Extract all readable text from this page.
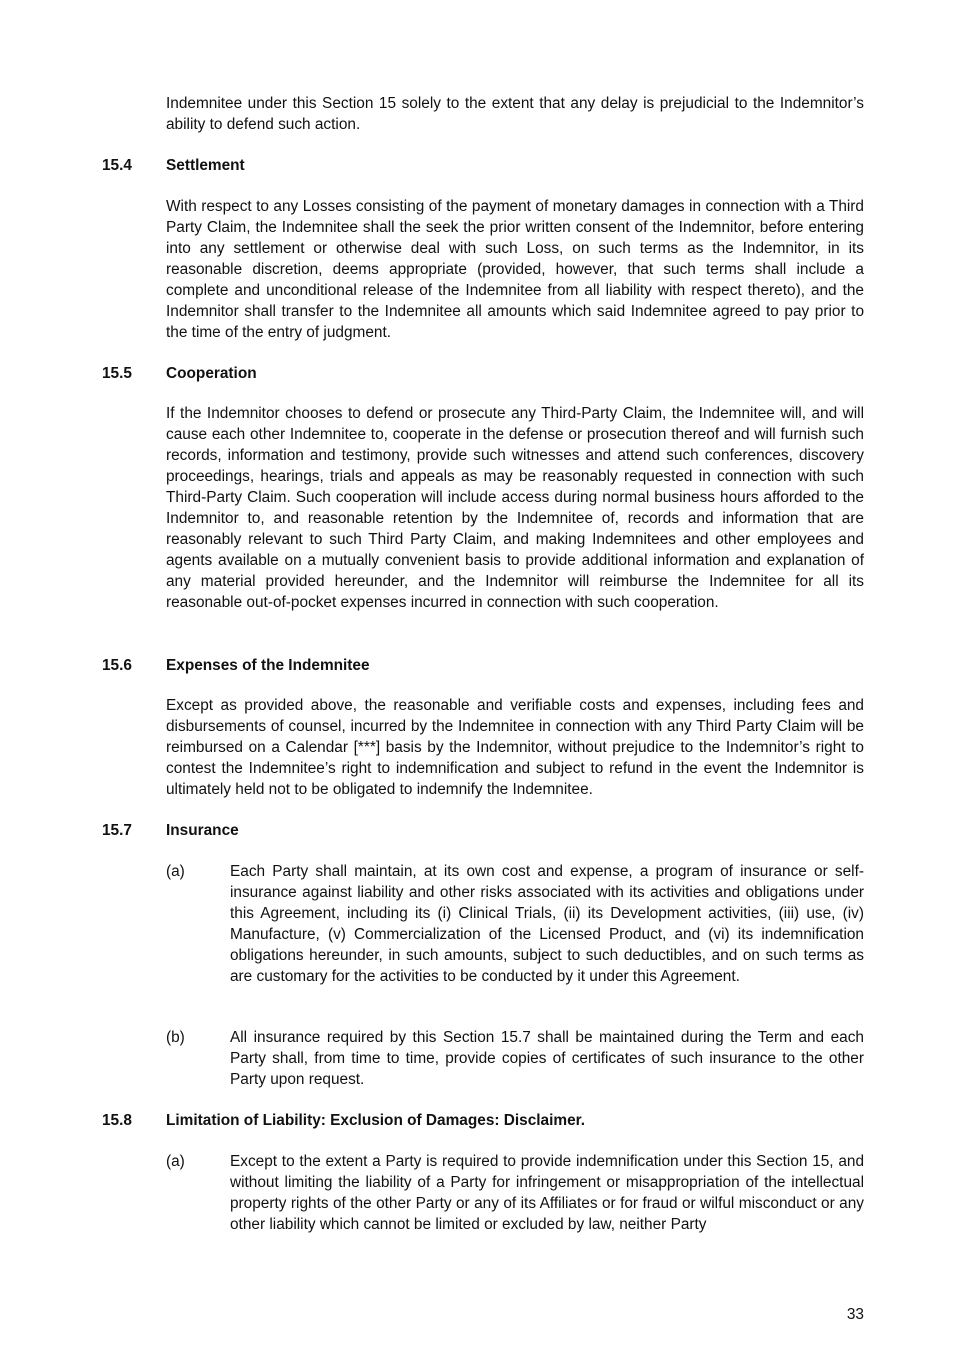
Indemnitee under this Section 15 solely to the extent that any delay is prejudicial to the Indemnitor’s ability to defend such action.

15.4 Settlement

With respect to any Losses consisting of the payment of monetary damages in connection with a Third Party Claim, the Indemnitee shall the seek the prior written consent of the Indemnitor, before entering into any settlement or otherwise deal with such Loss, on such terms as the Indemnitor, in its reasonable discretion, deems appropriate (provided, however, that such terms shall include a complete and unconditional release of the Indemnitee from all liability with respect thereto), and the Indemnitor shall transfer to the Indemnitee all amounts which said Indemnitee agreed to pay prior to the time of the entry of judgment.

15.5 Cooperation

If the Indemnitor chooses to defend or prosecute any Third-Party Claim, the Indemnitee will, and will cause each other Indemnitee to, cooperate in the defense or prosecution thereof and will furnish such records, information and testimony, provide such witnesses and attend such conferences, discovery proceedings, hearings, trials and appeals as may be reasonably requested in connection with such Third-Party Claim. Such cooperation will include access during normal business hours afforded to the Indemnitor to, and reasonable retention by the Indemnitee of, records and information that are reasonably relevant to such Third Party Claim, and making Indemnitees and other employees and agents available on a mutually convenient basis to provide additional information and explanation of any material provided hereunder, and the Indemnitor will reimburse the Indemnitee for all its reasonable out-of-pocket expenses incurred in connection with such cooperation.

15.6 Expenses of the Indemnitee

Except as provided above, the reasonable and verifiable costs and expenses, including fees and disbursements of counsel, incurred by the Indemnitee in connection with any Third Party Claim will be reimbursed on a Calendar [***] basis by the Indemnitor, without prejudice to the Indemnitor’s right to contest the Indemnitee’s right to indemnification and subject to refund in the event the Indemnitor is ultimately held not to be obligated to indemnify the Indemnitee.

15.7 Insurance
(a)	Each Party shall maintain, at its own cost and expense, a program of insurance or self-insurance against liability and other risks associated with its activities and obligations under this Agreement, including its (i) Clinical Trials, (ii) its Development activities, (iii) use, (iv) Manufacture, (v) Commercialization of the Licensed Product, and (vi) its indemnification obligations hereunder, in such amounts, subject to such deductibles, and on such terms as are customary for the activities to be conducted by it under this Agreement.
(b)	All insurance required by this Section 15.7 shall be maintained during the Term and each Party shall, from time to time, provide copies of certificates of such insurance to the other Party upon request.
15.8 Limitation of Liability: Exclusion of Damages: Disclaimer.
(a)	Except to the extent a Party is required to provide indemnification under this Section 15, and without limiting the liability of a Party for infringement or misappropriation of the intellectual property rights of the other Party or any of its Affiliates or for fraud or wilful misconduct or any other liability which cannot be limited or excluded by law, neither Party

33
